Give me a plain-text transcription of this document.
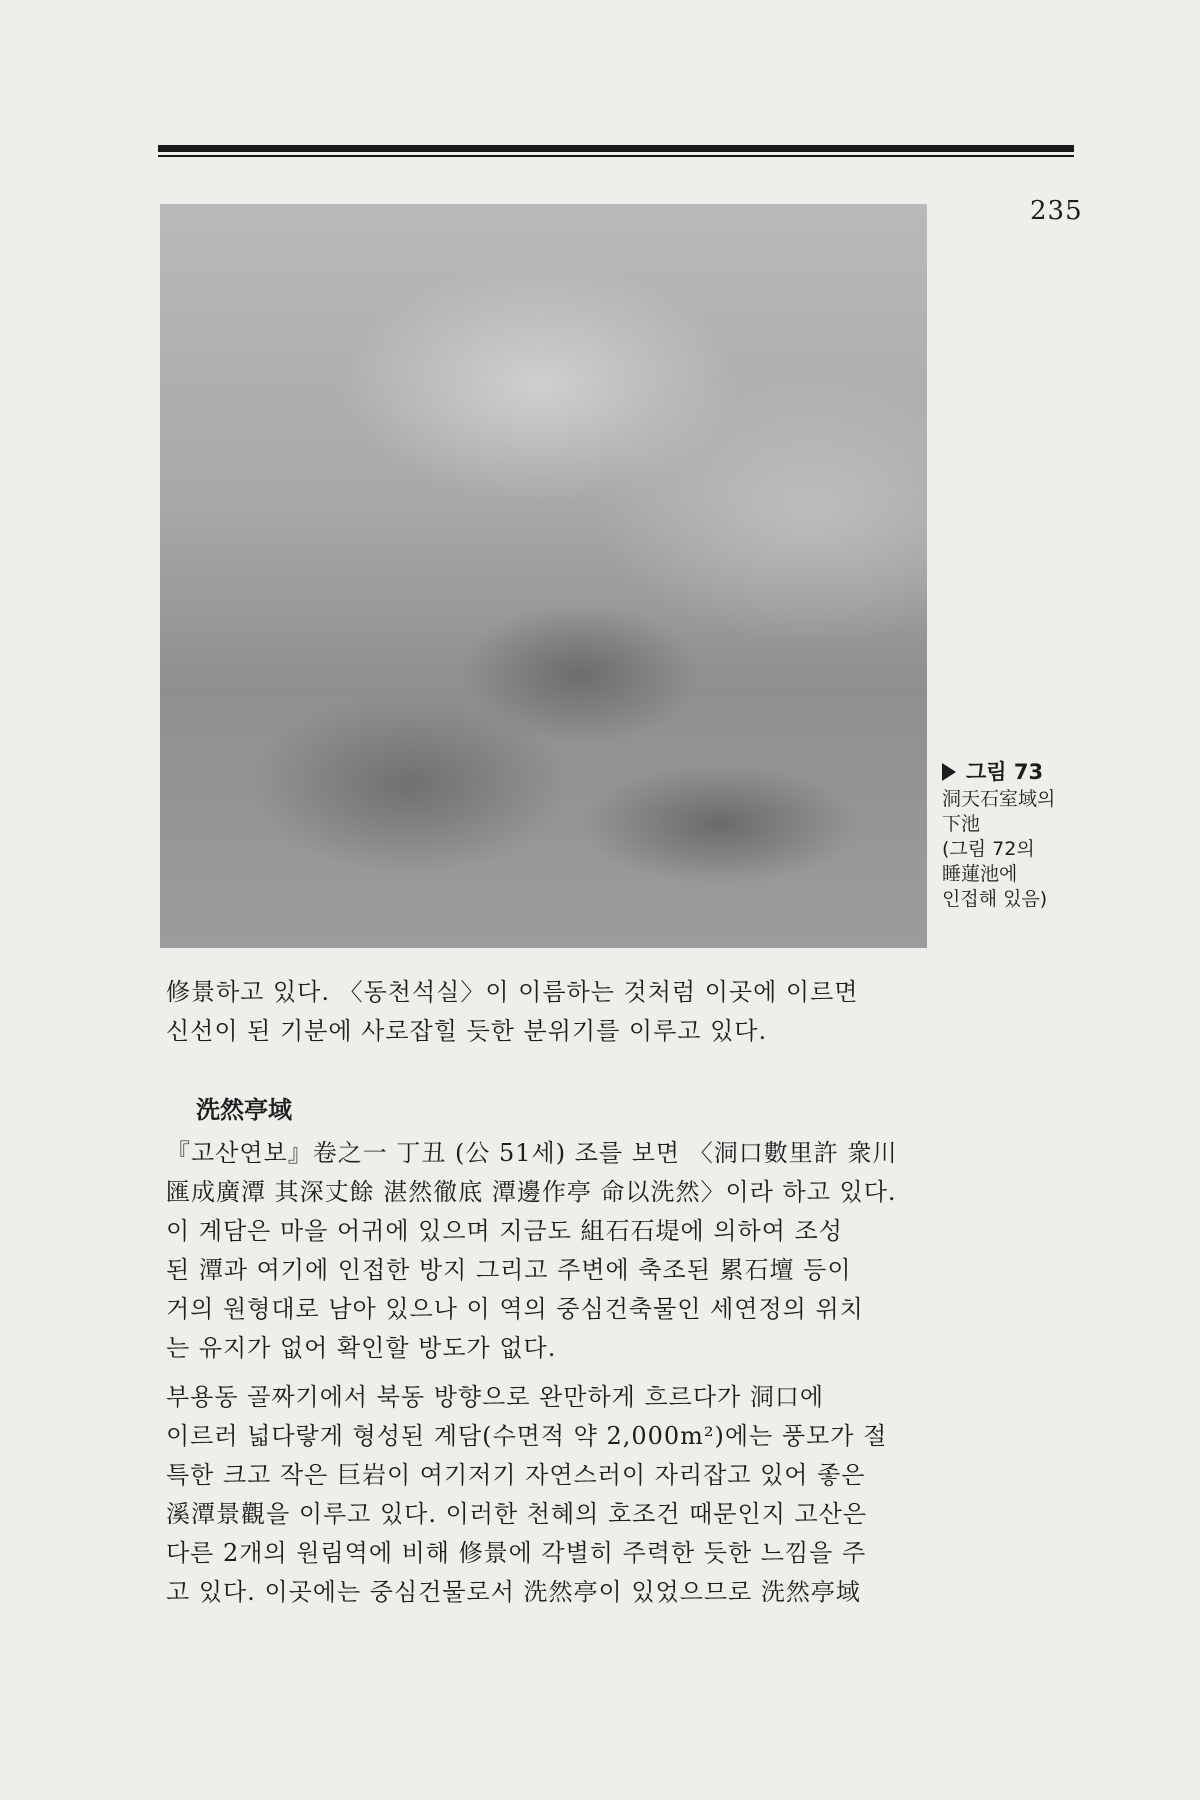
235
그림 73
洞天石室域의
下池
(그림 72의
睡蓮池에
인접해 있음)
修景하고 있다. 〈동천석실〉이 이름하는 것처럼 이곳에 이르면
신선이 된 기분에 사로잡힐 듯한 분위기를 이루고 있다.
洗然亭域
『고산연보』卷之一 丁丑 (公 51세) 조를 보면 〈洞口數里許 衆川
匯成廣潭 其深丈餘 湛然徹底 潭邊作亭 命以洗然〉이라 하고 있다.
이 계담은 마을 어귀에 있으며 지금도 組石石堤에 의하여 조성
된 潭과 여기에 인접한 방지 그리고 주변에 축조된 累石壇 등이
거의 원형대로 남아 있으나 이 역의 중심건축물인 세연정의 위치
는 유지가 없어 확인할 방도가 없다.
부용동 골짜기에서 북동 방향으로 완만하게 흐르다가 洞口에
이르러 넓다랗게 형성된 계담(수면적 약 2,000m²)에는 풍모가 절
특한 크고 작은 巨岩이 여기저기 자연스러이 자리잡고 있어 좋은
溪潭景觀을 이루고 있다. 이러한 천혜의 호조건 때문인지 고산은
다른 2개의 원림역에 비해 修景에 각별히 주력한 듯한 느낌을 주
고 있다. 이곳에는 중심건물로서 洗然亭이 있었으므로 洗然亭域
